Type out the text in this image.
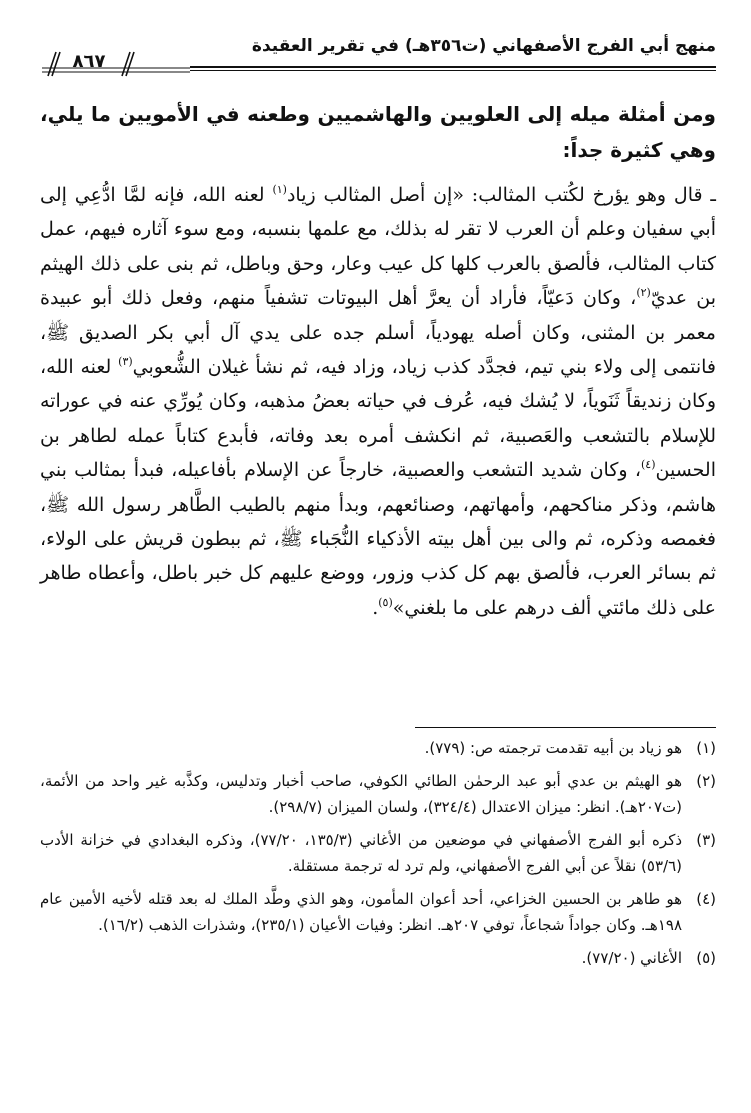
منهج أبي الفرج الأصفهاني (ت٣٥٦هـ) في تقرير العقيدة
٨٦٧
ومن أمثلة ميله إلى العلويين والهاشميين وطعنه في الأمويين ما يلي، وهي كثيرة جداً:

ـ قال وهو يؤرخ لكُتب المثالب: «إن أصل المثالب زياد$^{(١)}$ لعنه الله، فإنه لمَّا ادُّعِي إلى أبي سفيان وعلم أن العرب لا تقر له بذلك، مع علمها بنسبه، ومع سوء آثاره فيهم، عمل كتاب المثالب، فألصق بالعرب كلها كل عيب وعار، وحق وباطل، ثم بنى على ذلك الهيثم بن عديّ$^{(٢)}$، وكان دَعيّاً، فأراد أن يعرَّ أهل البيوتات تشفياً منهم، وفعل ذلك أبو عبيدة معمر بن المثنى، وكان أصله يهودياً، أسلم جده على يدي آل أبي بكر الصديق ﷺ، فانتمى إلى ولاء بني تيم، فجدَّد كذب زياد، وزاد فيه، ثم نشأ غيلان الشُّعوبي$^{(٣)}$ لعنه الله، وكان زنديقاً ثَنَوياً، لا يُشك فيه، عُرف في حياته بعضُ مذهبه، وكان يُورِّي عنه في عوراته للإسلام بالتشعب والعَصبية، ثم انكشف أمره بعد وفاته، فأبدع كتاباً عمله لطاهر بن الحسين$^{(٤)}$، وكان شديد التشعب والعصبية، خارجاً عن الإسلام بأفاعيله، فبدأ بمثالب بني هاشم، وذكر مناكحهم، وأمهاتهم، وصنائعهم، وبدأ منهم بالطيب الطَّاهر رسول الله ﷺ، فغمصه وذكره، ثم والى بين أهل بيته الأذكياء النُّجَباء ﷺ، ثم ببطون قريش على الولاء، ثم بسائر العرب، فألصق بهم كل كذب وزور، ووضع عليهم كل خبر باطل، وأعطاه طاهر على ذلك مائتي ألف درهم على ما بلغني»$^{(٥)}$.

(١)
هو زياد بن أبيه تقدمت ترجمته ص: (٧٧٩).
(٢)
هو الهيثم بن عدي أبو عبد الرحمٰن الطائي الكوفي، صاحب أخبار وتدليس، وكذَّبه غير واحد من الأئمة، (ت٢٠٧هـ). انظر: ميزان الاعتدال (٣٢٤/٤)، ولسان الميزان (٢٩٨/٧).
(٣)
ذكره أبو الفرج الأصفهاني في موضعين من الأغاني (١٣٥/٣، ٧٧/٢٠)، وذكره البغدادي في خزانة الأدب (٥٣/٦) نقلاً عن أبي الفرج الأصفهاني، ولم ترد له ترجمة مستقلة.
(٤)
هو طاهر بن الحسين الخزاعي، أحد أعوان المأمون، وهو الذي وطَّد الملك له بعد قتله لأخيه الأمين عام ١٩٨هـ. وكان جواداً شجاعاً، توفي ٢٠٧هـ. انظر: وفيات الأعيان (٢٣٥/١)، وشذرات الذهب (١٦/٢).
(٥)
الأغاني (٧٧/٢٠).
